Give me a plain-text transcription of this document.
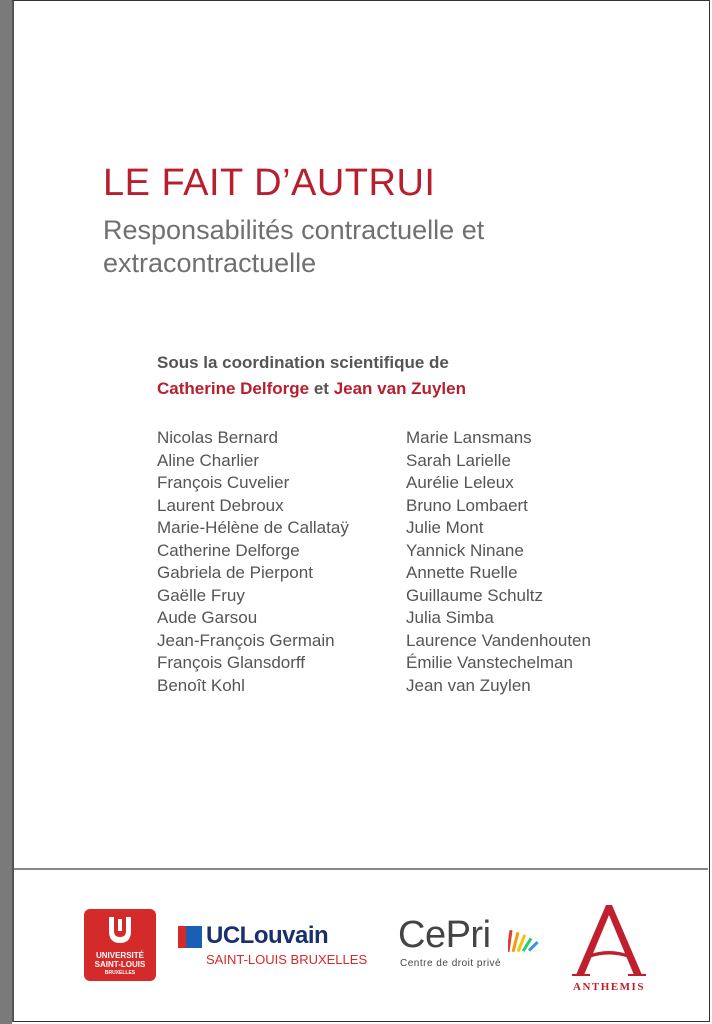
LE FAIT D’AUTRUI
Responsabilités contractuelle et extracontractuelle
Sous la coordination scientifique de
Catherine Delforge et Jean van Zuylen
Nicolas Bernard
Aline Charlier
François Cuvelier
Laurent Debroux
Marie-Hélène de Callataÿ
Catherine Delforge
Gabriela de Pierpont
Gaëlle Fruy
Aude Garsou
Jean-François Germain
François Glansdorff
Benoît Kohl
Marie Lansmans
Sarah Larielle
Aurélie Leleux
Bruno Lombaert
Julie Mont
Yannick Ninane
Annette Ruelle
Guillaume Schultz
Julia Simba
Laurence Vandenhouten
Émilie Vanstechelman
Jean van Zuylen
UNIVERSITÉ
SAINT-LOUIS
BRUXELLES
UCLouvain
SAINT-LOUIS BRUXELLES
CePri
Centre de droit privé
ANTHEMIS
